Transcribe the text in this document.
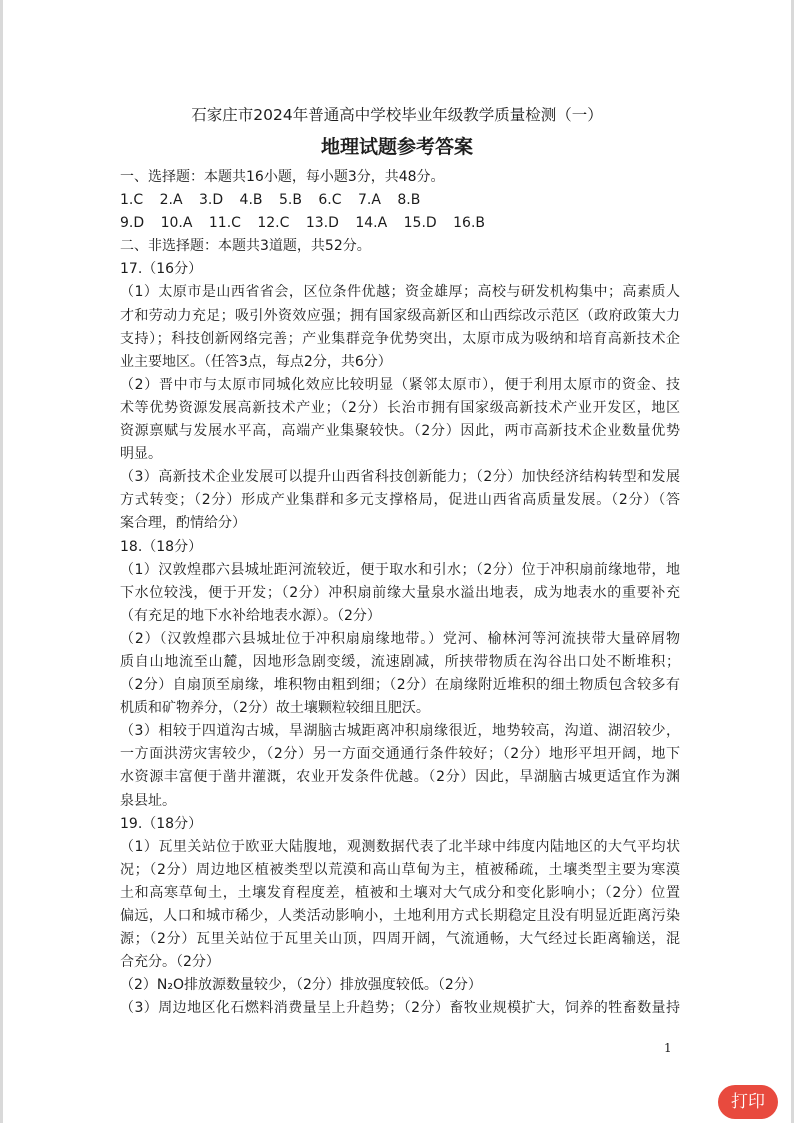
石家庄市2024年普通高中学校毕业年级教学质量检测（一）
地理试题参考答案
一、选择题：本题共16小题，每小题3分，共48分。
1.C 2.A 3.D 4.B 5.B 6.C 7.A 8.B
9.D 10.A 11.C 12.C 13.D 14.A 15.D 16.B
二、非选择题：本题共3道题，共52分。
17.（16分）
（1）太原市是山西省省会，区位条件优越；资金雄厚；高校与研发机构集中；高素质人
才和劳动力充足；吸引外资效应强；拥有国家级高新区和山西综改示范区（政府政策大力
支持）；科技创新网络完善；产业集群竞争优势突出，太原市成为吸纳和培育高新技术企
业主要地区。（任答3点，每点2分，共6分）
（2）晋中市与太原市同城化效应比较明显（紧邻太原市），便于利用太原市的资金、技
术等优势资源发展高新技术产业；（2分）长治市拥有国家级高新技术产业开发区，地区
资源禀赋与发展水平高，高端产业集聚较快。（2分）因此，两市高新技术企业数量优势
明显。
（3）高新技术企业发展可以提升山西省科技创新能力；（2分）加快经济结构转型和发展
方式转变；（2分）形成产业集群和多元支撑格局，促进山西省高质量发展。（2分）（答
案合理，酌情给分）
18.（18分）
（1）汉敦煌郡六县城址距河流较近，便于取水和引水；（2分）位于冲积扇前缘地带，地
下水位较浅，便于开发；（2分）冲积扇前缘大量泉水溢出地表，成为地表水的重要补充
（有充足的地下水补给地表水源）。（2分）
（2）（汉敦煌郡六县城址位于冲积扇扇缘地带。）党河、榆林河等河流挟带大量碎屑物
质自山地流至山麓，因地形急剧变缓，流速剧减，所挟带物质在沟谷出口处不断堆积；
（2分）自扇顶至扇缘，堆积物由粗到细；（2分）在扇缘附近堆积的细土物质包含较多有
机质和矿物养分，（2分）故土壤颗粒较细且肥沃。
（3）相较于四道沟古城，旱湖脑古城距离冲积扇缘很近，地势较高，沟道、湖沼较少，
一方面洪涝灾害较少，（2分）另一方面交通通行条件较好；（2分）地形平坦开阔，地下
水资源丰富便于凿井灌溉，农业开发条件优越。（2分）因此，旱湖脑古城更适宜作为渊
泉县址。
19.（18分）
（1）瓦里关站位于欧亚大陆腹地，观测数据代表了北半球中纬度内陆地区的大气平均状
况；（2分）周边地区植被类型以荒漠和高山草甸为主，植被稀疏，土壤类型主要为寒漠
土和高寒草甸土，土壤发育程度差，植被和土壤对大气成分和变化影响小；（2分）位置
偏远，人口和城市稀少，人类活动影响小，土地利用方式长期稳定且没有明显近距离污染
源；（2分）瓦里关站位于瓦里关山顶，四周开阔，气流通畅，大气经过长距离输送，混
合充分。（2分）
（2）N₂O排放源数量较少，（2分）排放强度较低。（2分）
（3）周边地区化石燃料消费量呈上升趋势；（2分）畜牧业规模扩大，饲养的牲畜数量持
1
打印
